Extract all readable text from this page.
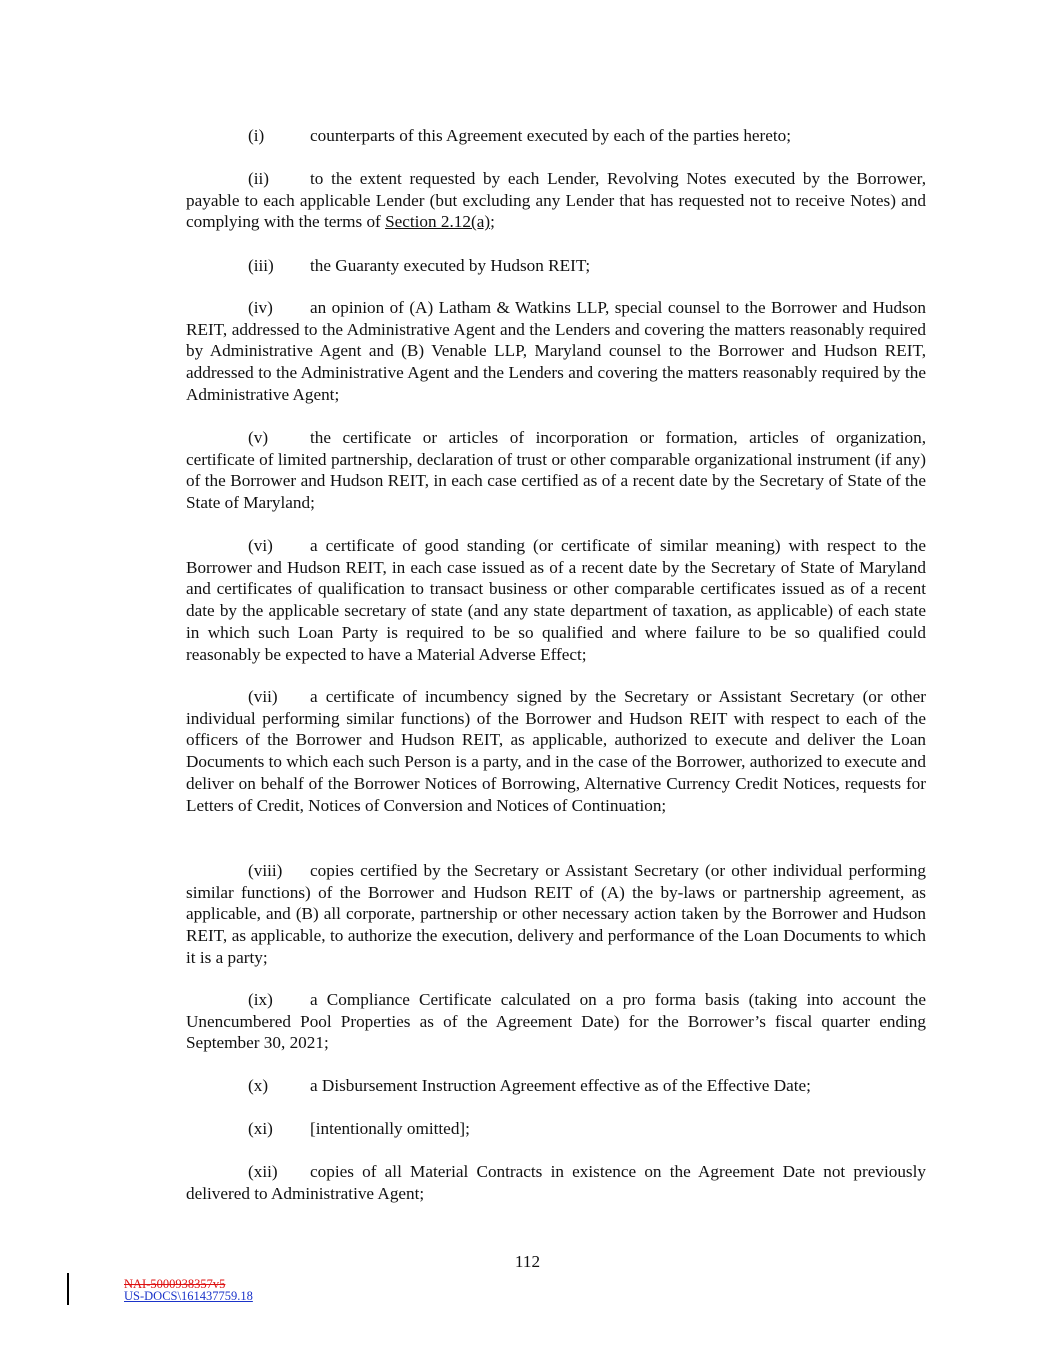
(i)	counterparts of this Agreement executed by each of the parties hereto;

(ii) to the extent requested by each Lender, Revolving Notes executed by the Borrower, payable to each applicable Lender (but excluding any Lender that has requested not to receive Notes) and complying with the terms of Section 2.12(a);

(iii) the Guaranty executed by Hudson REIT;

(iv) an opinion of (A) Latham & Watkins LLP, special counsel to the Borrower and Hudson REIT, addressed to the Administrative Agent and the Lenders and covering the matters reasonably required by Administrative Agent and (B) Venable LLP, Maryland counsel to the Borrower and Hudson REIT, addressed to the Administrative Agent and the Lenders and covering the matters reasonably required by the Administrative Agent;

(v) the certificate or articles of incorporation or formation, articles of organization, certificate of limited partnership, declaration of trust or other comparable organizational instrument (if any) of the Borrower and Hudson REIT, in each case certified as of a recent date by the Secretary of State of the State of Maryland;

(vi) a certificate of good standing (or certificate of similar meaning) with respect to the Borrower and Hudson REIT, in each case issued as of a recent date by the Secretary of State of Maryland and certificates of qualification to transact business or other comparable certificates issued as of a recent date by the applicable secretary of state (and any state department of taxation, as applicable) of each state in which such Loan Party is required to be so qualified and where failure to be so qualified could reasonably be expected to have a Material Adverse Effect;

(vii) a certificate of incumbency signed by the Secretary or Assistant Secretary (or other individual performing similar functions) of the Borrower and Hudson REIT with respect to each of the officers of the Borrower and Hudson REIT, as applicable, authorized to execute and deliver the Loan Documents to which each such Person is a party, and in the case of the Borrower, authorized to execute and deliver on behalf of the Borrower Notices of Borrowing, Alternative Currency Credit Notices, requests for Letters of Credit, Notices of Conversion and Notices of Continuation;

(viii) copies certified by the Secretary or Assistant Secretary (or other individual performing similar functions) of the Borrower and Hudson REIT of (A) the by-laws or partnership agreement, as applicable, and (B) all corporate, partnership or other necessary action taken by the Borrower and Hudson REIT, as applicable, to authorize the execution, delivery and performance of the Loan Documents to which it is a party;

(ix) a Compliance Certificate calculated on a pro forma basis (taking into account the Unencumbered Pool Properties as of the Agreement Date) for the Borrower’s fiscal quarter ending September 30, 2021;

(x) a Disbursement Instruction Agreement effective as of the Effective Date;

(xi) [intentionally omitted];

(xii) copies of all Material Contracts in existence on the Agreement Date not previously delivered to Administrative Agent;

112
NAI-5000938357v5
US-DOCS\161437759.18
